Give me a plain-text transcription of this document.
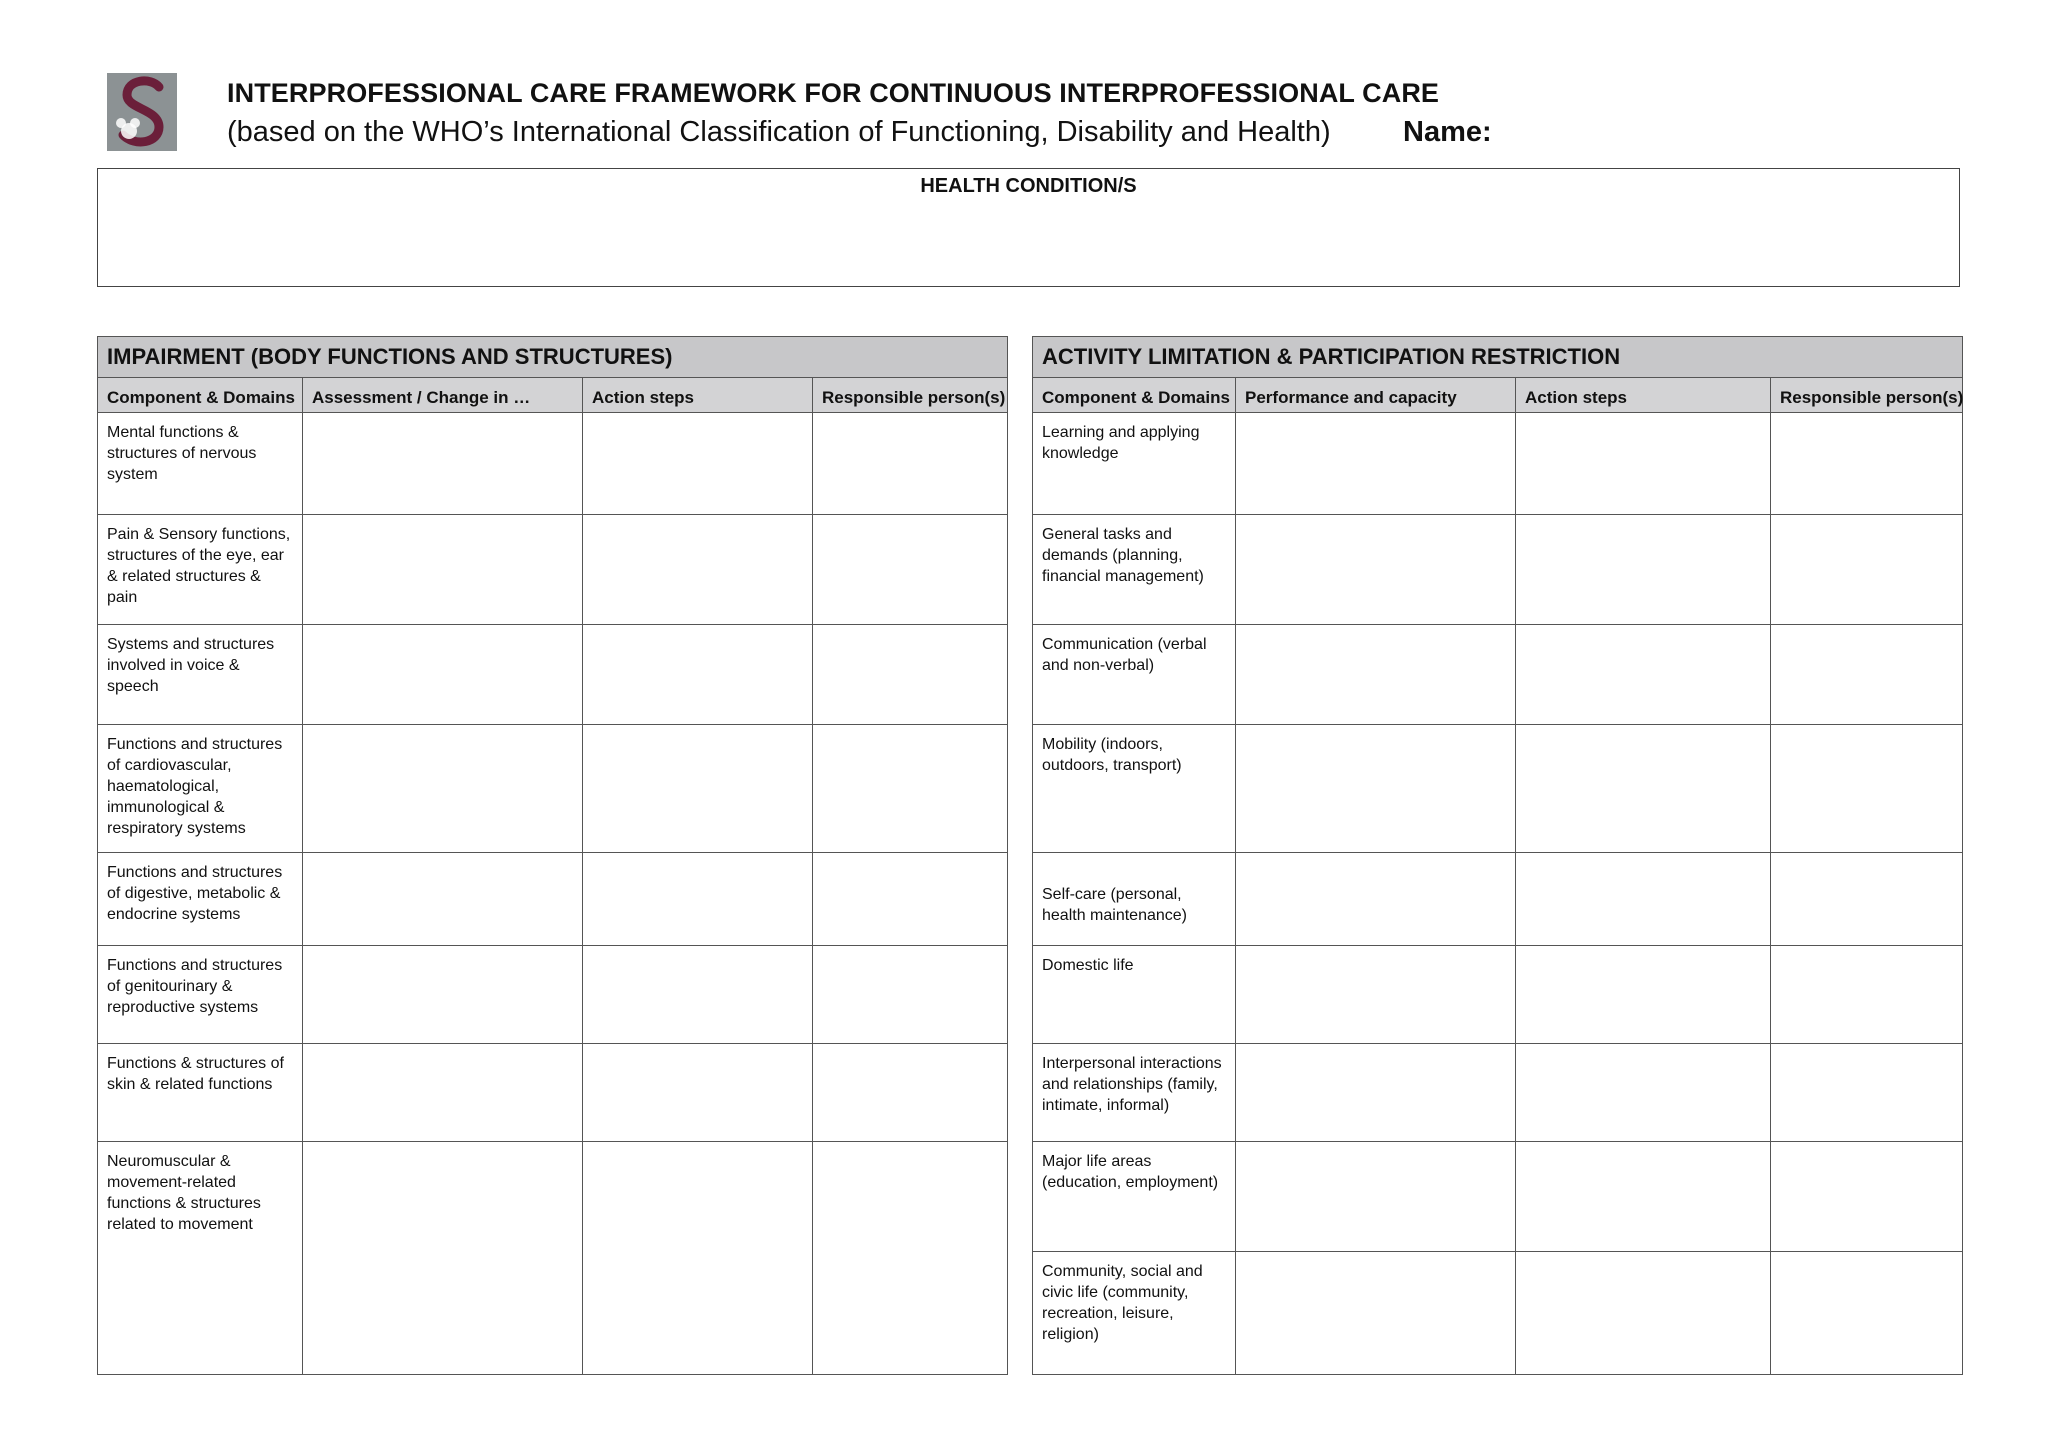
INTERPROFESSIONAL CARE FRAMEWORK FOR CONTINUOUS INTERPROFESSIONAL CARE
(based on the WHO’s International Classification of Functioning, Disability and Health) Name:
HEALTH CONDITION/S
IMPAIRMENT (BODY FUNCTIONS AND STRUCTURES)			
Component & Domains	Assessment / Change in …	Action steps	Responsible person(s)
Mental functions & structures of nervous system			
Pain & Sensory functions, structures of the eye, ear & related structures & pain			
Systems and structures involved in voice & speech			
Functions and structures of cardiovascular, haematological, immunological & respiratory systems			
Functions and structures of digestive, metabolic & endocrine systems			
Functions and structures of genitourinary & reproductive systems			
Functions & structures of skin & related functions			
Neuromuscular & movement-related functions & structures related to movement			
ACTIVITY LIMITATION & PARTICIPATION RESTRICTION			
Component & Domains	Performance and capacity	Action steps	Responsible person(s)
Learning and applying knowledge			
General tasks and demands (planning, financial management)			
Communication (verbal and non-verbal)			
Mobility (indoors, outdoors, transport)			
Self-care (personal, health maintenance)			
Domestic life			
Interpersonal interactions and relationships (family, intimate, informal)			
Major life areas (education, employment)			
Community, social and civic life (community, recreation, leisure, religion)			
